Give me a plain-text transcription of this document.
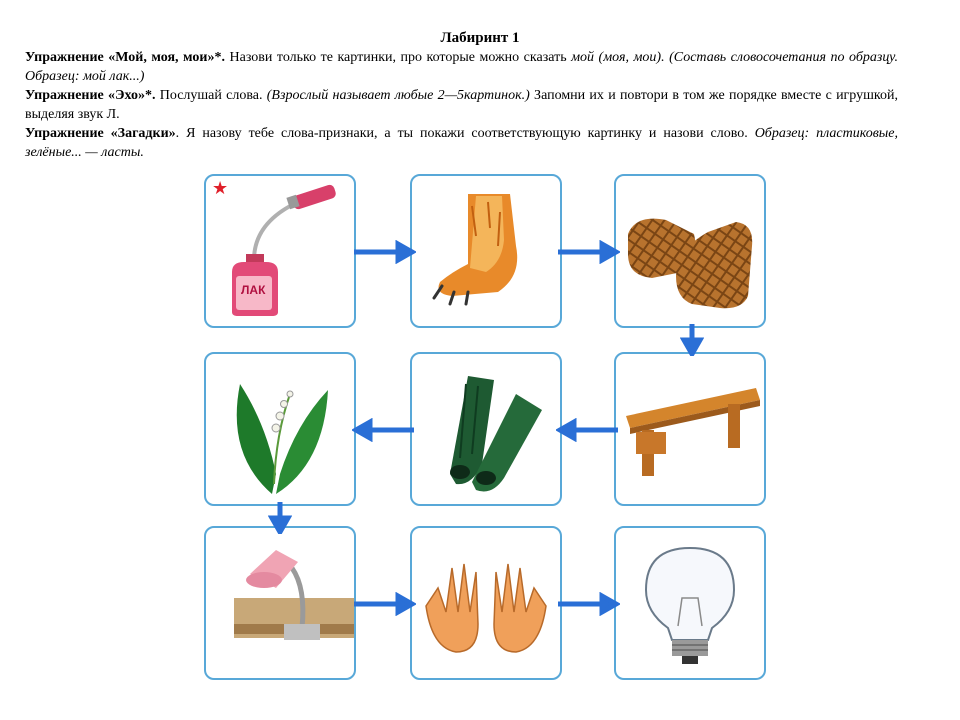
Лабиринт 1

Упражнение «Мой, моя, мои»*. Назови только те картинки, про которые можно сказать мой (моя, мои). (Составь словосочетания по образцу. Образец: мой лак...)

Упражнение «Эхо»*. Послушай слова. (Взрослый называет любые 2—5картинок.) Запомни их и повтори в том же порядке вместе с игрушкой, выделяя звук Л.

Упражнение «Загадки». Я назову тебе слова-признаки, а ты покажи соответствующую картинку и назови слово. Образец: пластиковые, зелёные... — ласты.

★
ЛАК
